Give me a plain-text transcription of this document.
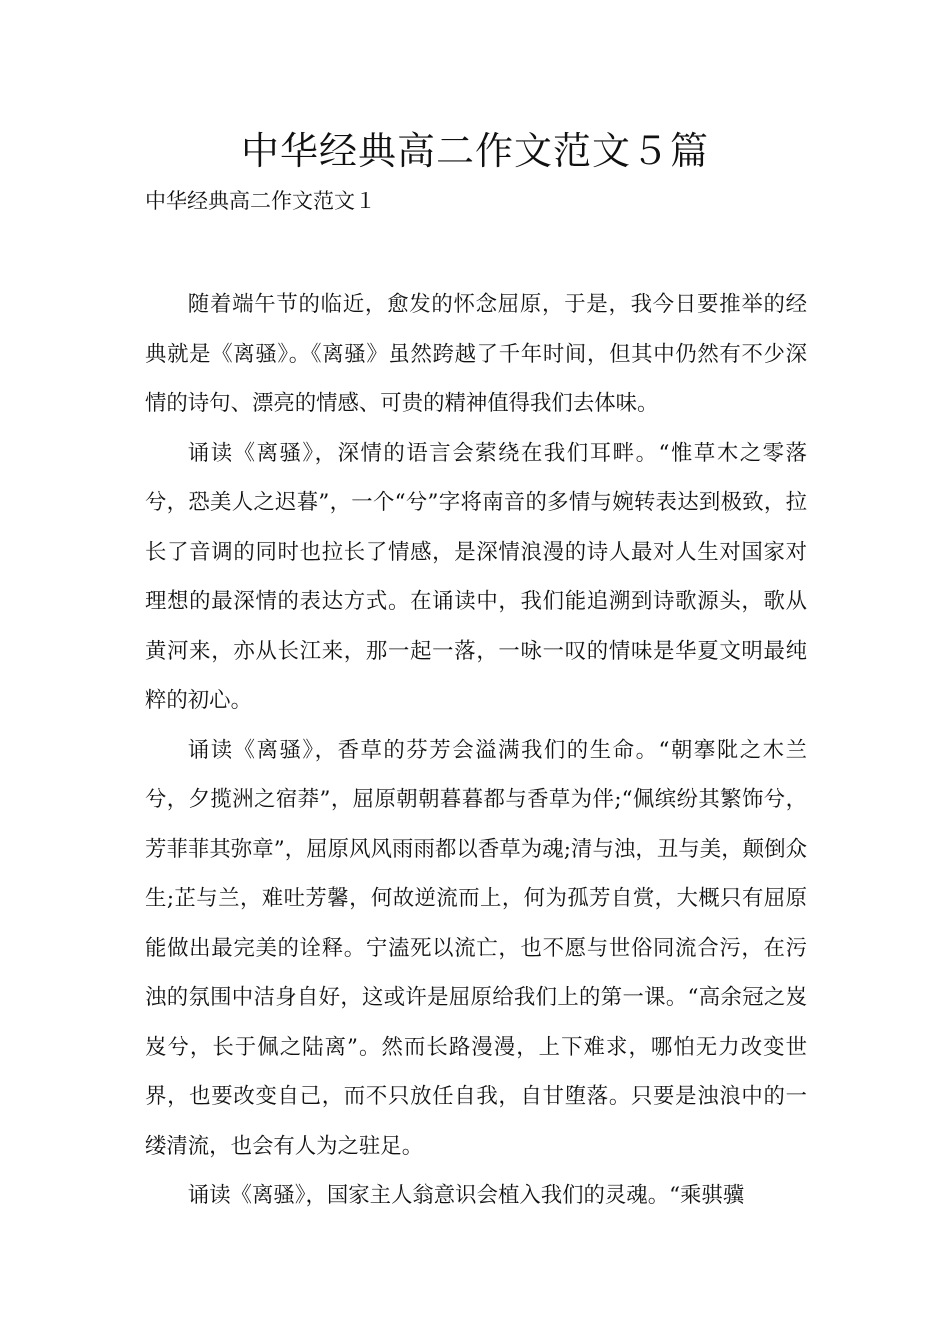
中华经典高二作文范文５篇
中华经典高二作文范文１

随着端午节的临近，愈发的怀念屈原，于是，我今日要推举的经典就是《离骚》。《离骚》虽然跨越了千年时间，但其中仍然有不少深情的诗句、漂亮的情感、可贵的精神值得我们去体味。

诵读《离骚》，深情的语言会萦绕在我们耳畔。“惟草木之零落兮，恐美人之迟暮”，一个“兮”字将南音的多情与婉转表达到极致，拉长了音调的同时也拉长了情感，是深情浪漫的诗人最对人生对国家对理想的最深情的表达方式。在诵读中，我们能追溯到诗歌源头，歌从黄河来，亦从长江来，那一起一落，一咏一叹的情味是华夏文明最纯粹的初心。

诵读《离骚》，香草的芬芳会溢满我们的生命。“朝搴阰之木兰兮，夕揽洲之宿莽”，屈原朝朝暮暮都与香草为伴;“佩缤纷其繁饰兮，芳菲菲其弥章”，屈原风风雨雨都以香草为魂;清与浊，丑与美，颠倒众生;芷与兰，难吐芳馨，何故逆流而上，何为孤芳自赏，大概只有屈原能做出最完美的诠释。宁溘死以流亡，也不愿与世俗同流合污，在污浊的氛围中洁身自好，这或许是屈原给我们上的第一课。“高余冠之岌岌兮，长于佩之陆离”。然而长路漫漫，上下难求，哪怕无力改变世界，也要改变自己，而不只放任自我，自甘堕落。只要是浊浪中的一缕清流，也会有人为之驻足。

诵读《离骚》，国家主人翁意识会植入我们的灵魂。“乘骐骥
